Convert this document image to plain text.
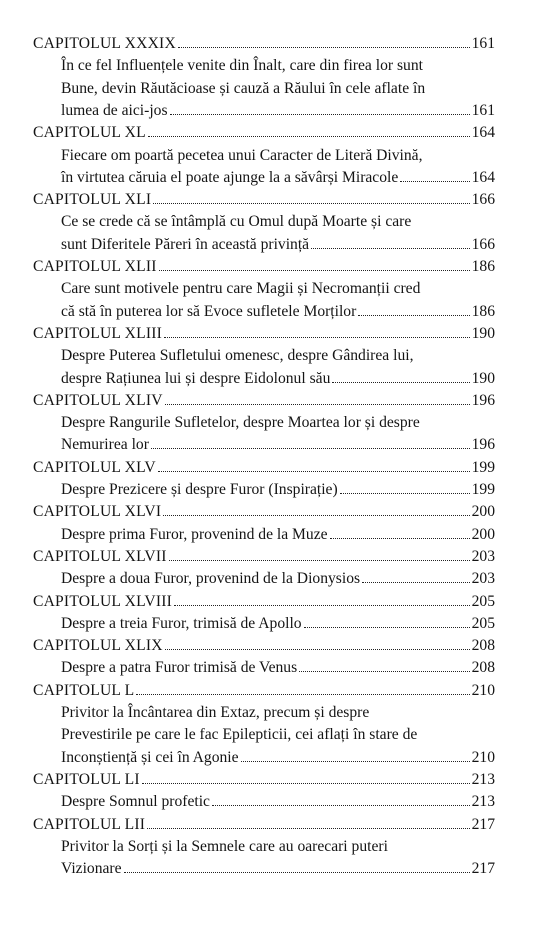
CAPITOLUL XXXIX	161
În ce fel Influențele venite din Înalt, care din firea lor sunt
Bune, devin Răutăcioase și cauză a Răului în cele aflate în
lumea de aici-jos	161
CAPITOLUL XL	164
Fiecare om poartă pecetea unui Caracter de Literă Divină,
în virtutea căruia el poate ajunge la a săvârși Miracole	164
CAPITOLUL XLI	166
Ce se crede că se întâmplă cu Omul după Moarte și care
sunt Diferitele Păreri în această privință	166
CAPITOLUL XLII	186
Care sunt motivele pentru care Magii și Necromanții cred
că stă în puterea lor să Evoce sufletele Morților	186
CAPITOLUL XLIII	190
Despre Puterea Sufletului omenesc, despre Gândirea lui,
despre Rațiunea lui și despre Eidolonul său	190
CAPITOLUL XLIV	196
Despre Rangurile Sufletelor, despre Moartea lor și despre
Nemurirea lor	196
CAPITOLUL XLV	199
Despre Prezicere și despre Furor (Inspirație)	199
CAPITOLUL XLVI	200
Despre prima Furor, provenind de la Muze	200
CAPITOLUL XLVII	203
Despre a doua Furor, provenind de la Dionysios	203
CAPITOLUL XLVIII	205
Despre a treia Furor, trimisă de Apollo	205
CAPITOLUL XLIX	208
Despre a patra Furor trimisă de Venus	208
CAPITOLUL L	210
Privitor la Încântarea din Extaz, precum și despre
Prevestirile pe care le fac Epilepticii, cei aflați în stare de
Inconștiență și cei în Agonie	210
CAPITOLUL LI	213
Despre Somnul profetic	213
CAPITOLUL LII	217
Privitor la Sorți și la Semnele care au oarecari puteri
Vizionare	217
